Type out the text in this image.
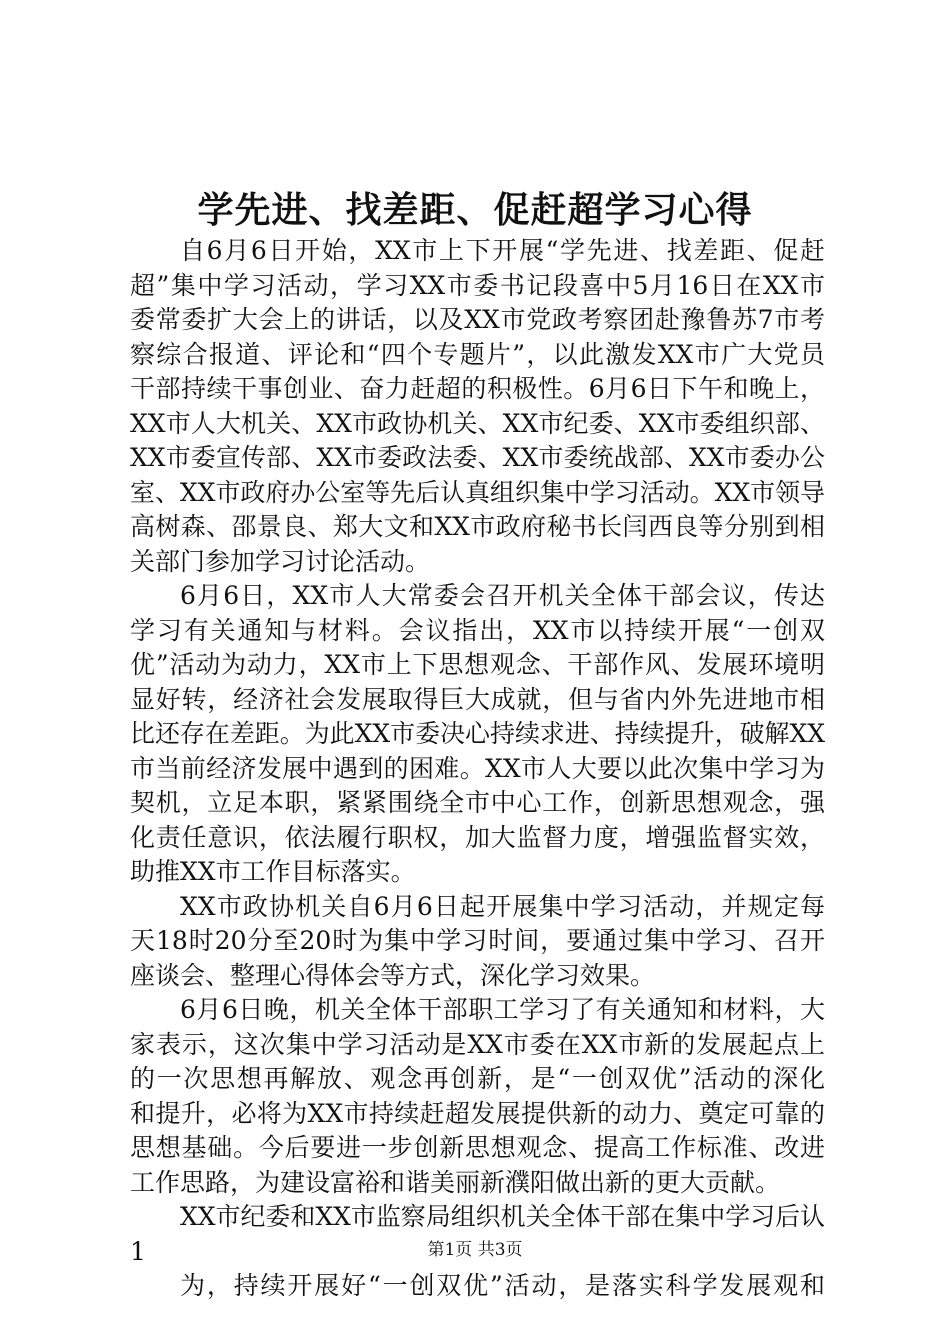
学先进、找差距、促赶超学习心得
自6月6日开始，XX市上下开展“学先进、找差距、促赶
超”集中学习活动，学习XX市委书记段喜中5月16日在XX市
委常委扩大会上的讲话，以及XX市党政考察团赴豫鲁苏7市考
察综合报道、评论和“四个专题片”，以此激发XX市广大党员
干部持续干事创业、奋力赶超的积极性。6月6日下午和晚上，
XX市人大机关、XX市政协机关、XX市纪委、XX市委组织部、
XX市委宣传部、XX市委政法委、XX市委统战部、XX市委办公
室、XX市政府办公室等先后认真组织集中学习活动。XX市领导
高树森、邵景良、郑大文和XX市政府秘书长闫西良等分别到相
关部门参加学习讨论活动。
6月6日，XX市人大常委会召开机关全体干部会议，传达
学习有关通知与材料。会议指出，XX市以持续开展“一创双
优”活动为动力，XX市上下思想观念、干部作风、发展环境明
显好转，经济社会发展取得巨大成就，但与省内外先进地市相
比还存在差距。为此XX市委决心持续求进、持续提升，破解XX
市当前经济发展中遇到的困难。XX市人大要以此次集中学习为
契机，立足本职，紧紧围绕全市中心工作，创新思想观念，强
化责任意识，依法履行职权，加大监督力度，增强监督实效，
助推XX市工作目标落实。
XX市政协机关自6月6日起开展集中学习活动，并规定每
天18时20分至20时为集中学习时间，要通过集中学习、召开
座谈会、整理心得体会等方式，深化学习效果。
6月6日晚，机关全体干部职工学习了有关通知和材料，大
家表示，这次集中学习活动是XX市委在XX市新的发展起点上
的一次思想再解放、观念再创新，是“一创双优”活动的深化
和提升，必将为XX市持续赶超发展提供新的动力、奠定可靠的
思想基础。今后要进一步创新思想观念、提高工作标准、改进
工作思路，为建设富裕和谐美丽新濮阳做出新的更大贡献。
XX市纪委和XX市监察局组织机关全体干部在集中学习后认
1
为，持续开展好“一创双优”活动，是落实科学发展观和
第1页 共3页
